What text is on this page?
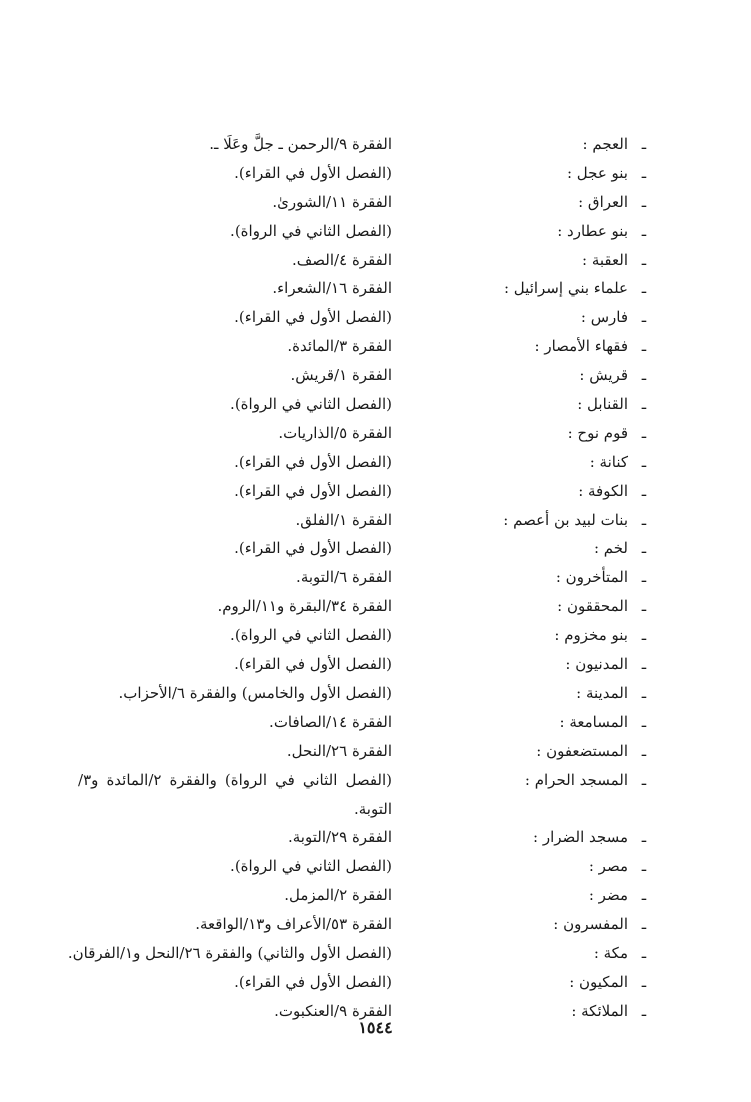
ـ
العجم :
الفقرة ٩/الرحمن ـ جلَّ وعَلَا ـ.
ـ
بنو عجل :
(الفصل الأول في القراء).
ـ
العراق :
الفقرة ١١/الشورىٰ.
ـ
بنو عطارد :
(الفصل الثاني في الرواة).
ـ
العقبة :
الفقرة ٤/الصف.
ـ
علماء بني إسرائيل :
الفقرة ١٦/الشعراء.
ـ
فارس :
(الفصل الأول في القراء).
ـ
فقهاء الأمصار :
الفقرة ٣/المائدة.
ـ
قريش :
الفقرة ١/قريش.
ـ
القنابل :
(الفصل الثاني في الرواة).
ـ
قوم نوح :
الفقرة ٥/الذاريات.
ـ
كنانة :
(الفصل الأول في القراء).
ـ
الكوفة :
(الفصل الأول في القراء).
ـ
بنات لبيد بن أعصم :
الفقرة ١/الفلق.
ـ
لخم :
(الفصل الأول في القراء).
ـ
المتأخرون :
الفقرة ٦/التوبة.
ـ
المحققون :
الفقرة ٣٤/البقرة و١١/الروم.
ـ
بنو مخزوم :
(الفصل الثاني في الرواة).
ـ
المدنيون :
(الفصل الأول في القراء).
ـ
المدينة :
(الفصل الأول والخامس) والفقرة ٦/الأحزاب.
ـ
المسامعة :
الفقرة ١٤/الصافات.
ـ
المستضعفون :
الفقرة ٢٦/النحل.
ـ
المسجد الحرام :
(الفصل الثاني في الرواة) والفقرة ٢/المائدة و٣/التوبة.
ـ
مسجد الضرار :
الفقرة ٢٩/التوبة.
ـ
مصر :
(الفصل الثاني في الرواة).
ـ
مضر :
الفقرة ٢/المزمل.
ـ
المفسرون :
الفقرة ٥٣/الأعراف و١٣/الواقعة.
ـ
مكة :
(الفصل الأول والثاني) والفقرة ٢٦/النحل و١/الفرقان.
ـ
المكيون :
(الفصل الأول في القراء).
ـ
الملائكة :
الفقرة ٩/العنكبوت.
١٥٤٤
